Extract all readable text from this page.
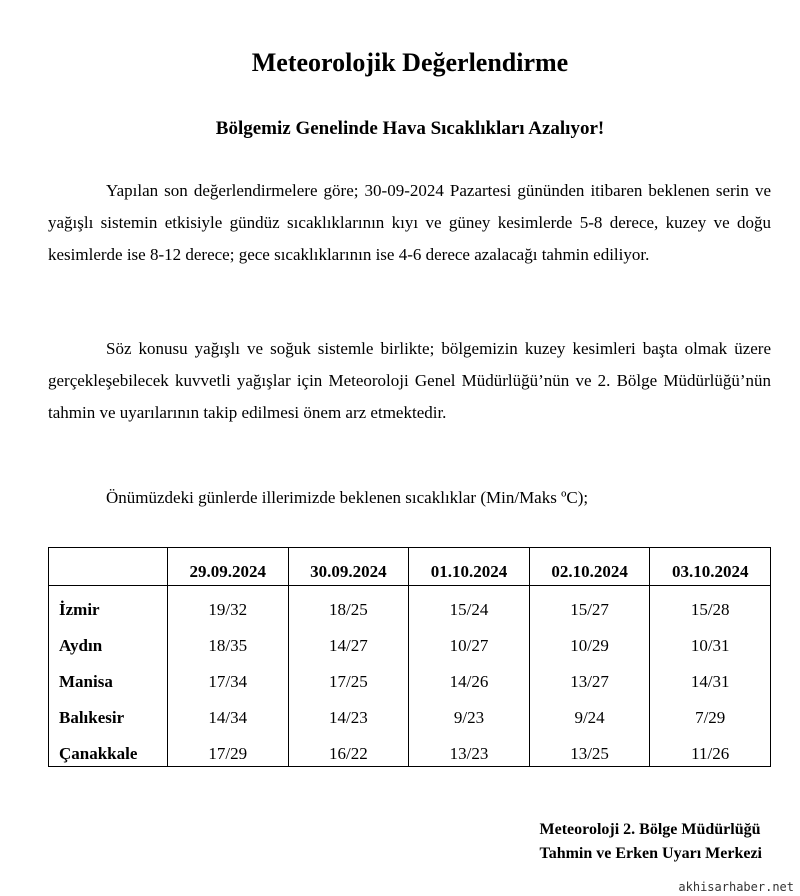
Meteorolojik Değerlendirme
Bölgemiz Genelinde Hava Sıcaklıkları Azalıyor!

Yapılan son değerlendirmelere göre; 30-09-2024 Pazartesi gününden itibaren beklenen serin ve yağışlı sistemin etkisiyle gündüz sıcaklıklarının kıyı ve güney kesimlerde 5-8 derece, kuzey ve doğu kesimlerde ise 8-12 derece; gece sıcaklıklarının ise 4-6 derece azalacağı tahmin ediliyor.

Söz konusu yağışlı ve soğuk sistemle birlikte; bölgemizin kuzey kesimleri başta olmak üzere gerçekleşebilecek kuvvetli yağışlar için Meteoroloji Genel Müdürlüğü’nün ve 2. Bölge Müdürlüğü’nün tahmin ve uyarılarının takip edilmesi önem arz etmektedir.

Önümüzdeki günlerde illerimizde beklenen sıcaklıklar (Min/Maks ºC);
	29.09.2024	30.09.2024	01.10.2024	02.10.2024	03.10.2024
İzmir	19/32	18/25	15/24	15/27	15/28
Aydın	18/35	14/27	10/27	10/29	10/31
Manisa	17/34	17/25	14/26	13/27	14/31
Balıkesir	14/34	14/23	9/23	9/24	7/29
Çanakkale	17/29	16/22	13/23	13/25	11/26
Meteoroloji 2. Bölge Müdürlüğü
Tahmin ve Erken Uyarı Merkezi
akhisarhaber.net
